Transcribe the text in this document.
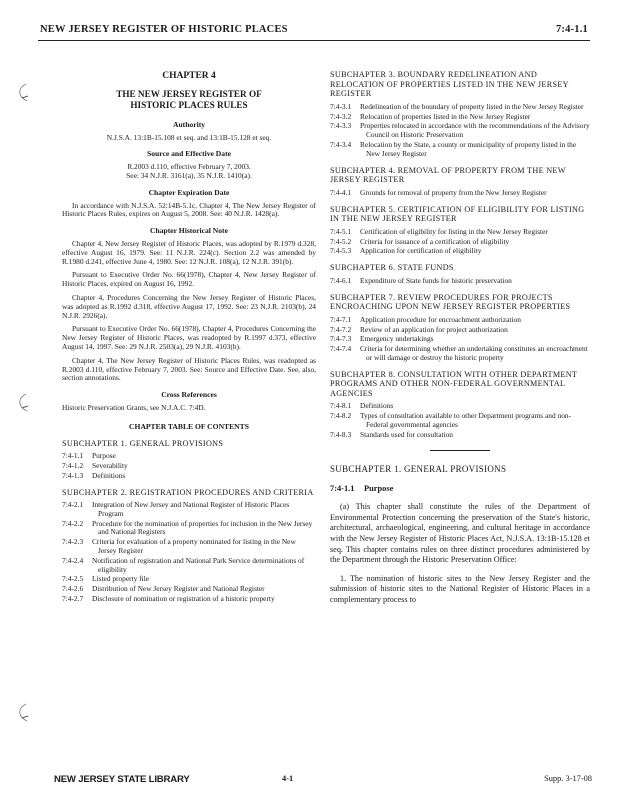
NEW JERSEY REGISTER OF HISTORIC PLACES	7:4-1.1
CHAPTER 4
THE NEW JERSEY REGISTER OF
HISTORIC PLACES RULES
Authority
N.J.S.A. 13:1B-15.108 et seq. and 13:1B-15.128 et seq.
Source and Effective Date
R.2003 d.110, effective February 7, 2003.
See: 34 N.J.R. 3161(a), 35 N.J.R. 1410(a).
Chapter Expiration Date

In accordance with N.J.S.A. 52:14B-5.1c, Chapter 4, The New Jersey Register of Historic Places Rules, expires on August 5, 2008. See: 40 N.J.R. 1428(a).

Chapter Historical Note

Chapter 4, New Jersey Register of Historic Places, was adopted by R.1979 d.328, effective August 16, 1979. See: 11 N.J.R. 224(c). Section 2.2 was amended by R.1980 d.241, effective June 4, 1980. See: 12 N.J.R. 108(a), 12 N.J.R. 391(b).

Pursuant to Executive Order No. 66(1978), Chapter 4, New Jersey Register of Historic Places, expired on August 16, 1992.

Chapter 4, Procedures Concerning the New Jersey Register of Historic Places, was adopted as R.1992 d.318, effective August 17, 1992. See: 23 N.J.R. 2103(b), 24 N.J.R. 2926(a).

Pursuant to Executive Order No. 66(1978), Chapter 4, Procedures Concerning the New Jersey Register of Historic Places, was readopted by R.1997 d.373, effective August 14, 1997. See: 29 N.J.R. 2503(a), 29 N.J.R. 4103(b).

Chapter 4, The New Jersey Register of Historic Places Rules, was readopted as R.2003 d.110, effective February 7, 2003. See: Source and Effective Date. See, also, section annotations.

Cross References

Historic Preservation Grants, see N.J.A.C. 7:4D.

CHAPTER TABLE OF CONTENTS
SUBCHAPTER 1. GENERAL PROVISIONS
7:4-1.1	Purpose
7:4-1.2	Severability
7:4-1.3	Definitions
SUBCHAPTER 2. REGISTRATION PROCEDURES AND CRITERIA
7:4-2.1	Integration of New Jersey and National Register of Historic Places Program
7:4-2.2	Procedure for the nomination of properties for inclusion in the New Jersey and National Registers
7:4-2.3	Criteria for evaluation of a property nominated for listing in the New Jersey Register
7:4-2.4	Notification of registration and National Park Service determinations of eligibility
7:4-2.5	Listed property file
7:4-2.6	Distribution of New Jersey Register and National Register
7:4-2.7	Disclosure of nomination or registration of a historic property
SUBCHAPTER 3. BOUNDARY REDELINEATION AND RELOCATION OF PROPERTIES LISTED IN THE NEW JERSEY REGISTER
7:4-3.1	Redelineation of the boundary of property listed in the New Jersey Register
7:4-3.2	Relocation of properties listed in the New Jersey Register
7:4-3.3	Properties relocated in accordance with the recommendations of the Advisory Council on Historic Preservation
7:4-3.4	Relocation by the State, a county or municipality of property listed in the New Jersey Register
SUBCHAPTER 4. REMOVAL OF PROPERTY FROM THE NEW JERSEY REGISTER
7:4-4.1	Grounds for removal of property from the New Jersey Register
SUBCHAPTER 5. CERTIFICATION OF ELIGIBILITY FOR LISTING IN THE NEW JERSEY REGISTER
7:4-5.1	Certification of eligibility for listing in the New Jersey Register
7:4-5.2	Criteria for issuance of a certification of eligibility
7:4-5.3	Application for certification of eligibility
SUBCHAPTER 6. STATE FUNDS
7:4-6.1	Expenditure of State funds for historic preservation
SUBCHAPTER 7. REVIEW PROCEDURES FOR PROJECTS ENCROACHING UPON NEW JERSEY REGISTER PROPERTIES
7:4-7.1	Application procedure for encroachment authorization
7:4-7.2	Review of an application for project authorization
7:4-7.3	Emergency undertakings
7:4-7.4	Criteria for determining whether an undertaking constitutes an encroachment or will damage or destroy the historic property
SUBCHAPTER 8. CONSULTATION WITH OTHER DEPARTMENT PROGRAMS AND OTHER NON-FEDERAL GOVERNMENTAL AGENCIES
7:4-8.1	Definitions
7:4-8.2	Types of consultation available to other Department programs and non-Federal governmental agencies
7:4-8.3	Standards used for consultation
SUBCHAPTER 1. GENERAL PROVISIONS
7:4-1.1 Purpose
(a) This chapter shall constitute the rules of the Department of Environmental Protection concerning the preservation of the State's historic, architectural, archaeological, engineering, and cultural heritage in accordance with the New Jersey Register of Historic Places Act, N.J.S.A. 13:1B-15.128 et seq. This chapter contains rules on three distinct procedures administered by the Department through the Historic Preservation Office:
1. The nomination of historic sites to the New Jersey Register and the submission of historic sites to the National Register of Historic Places in a complementary process to
NEW JERSEY STATE LIBRARY	4-1	Supp. 3-17-08
